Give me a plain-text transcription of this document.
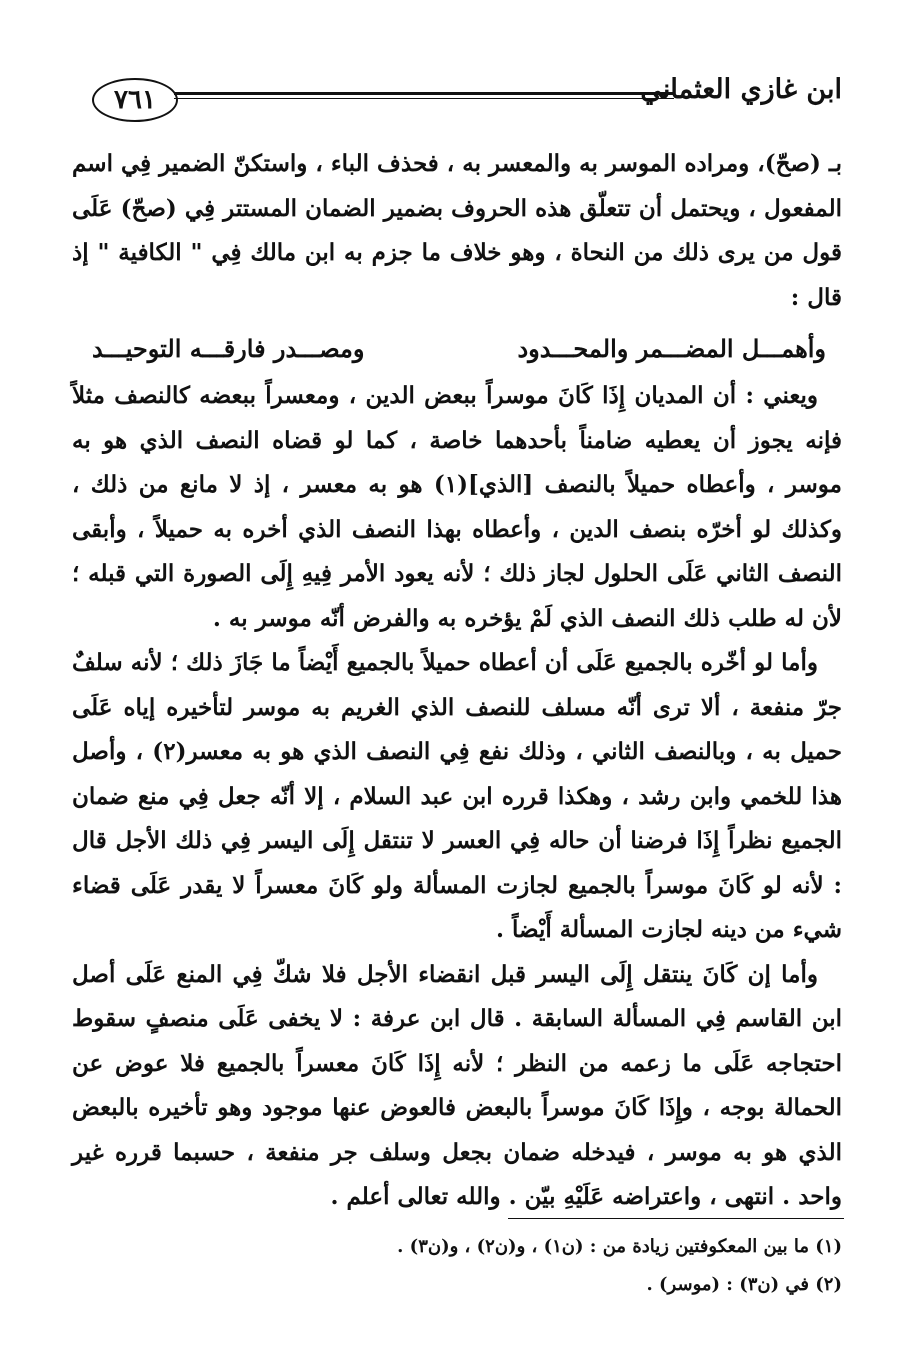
٧٦١	ابن غازي العثماني

بـ (صحّ)، ومراده الموسر به والمعسر به ، فحذف الباء ، واستكنّ الضمير فِي اسم المفعول ، ويحتمل أن تتعلّق هذه الحروف بضمير الضمان المستتر فِي (صحّ) عَلَى قول من يرى ذلك من النحاة ، وهو خلاف ما جزم به ابن مالك فِي " الكافية " إذ قال :

وأهمـــل المضـــمر والمحـــدود
ومصـــدر فارقـــه التوحيـــد

ويعني : أن المديان إِذَا كَانَ موسراً ببعض الدين ، ومعسراً ببعضه كالنصف مثلاً فإنه يجوز أن يعطيه ضامناً بأحدهما خاصة ، كما لو قضاه النصف الذي هو به موسر ، وأعطاه حميلاً بالنصف [الذي](١) هو به معسر ، إذ لا مانع من ذلك ، وكذلك لو أخرّه بنصف الدين ، وأعطاه بهذا النصف الذي أخره به حميلاً ، وأبقى النصف الثاني عَلَى الحلول لجاز ذلك ؛ لأنه يعود الأمر فِيهِ إِلَى الصورة التي قبله ؛ لأن له طلب ذلك النصف الذي لَمْ يؤخره به والفرض أنّه موسر به .

وأما لو أخّره بالجميع عَلَى أن أعطاه حميلاً بالجميع أَيْضاً ما جَازَ ذلك ؛ لأنه سلفٌ جرّ منفعة ، ألا ترى أنّه مسلف للنصف الذي الغريم به موسر لتأخيره إياه عَلَى حميل به ، وبالنصف الثاني ، وذلك نفع فِي النصف الذي هو به معسر(٢) ، وأصل هذا للخمي وابن رشد ، وهكذا قرره ابن عبد السلام ، إلا أنّه جعل فِي منع ضمان الجميع نظراً إِذَا فرضنا أن حاله فِي العسر لا تنتقل إِلَى اليسر فِي ذلك الأجل قال : لأنه لو كَانَ موسراً بالجميع لجازت المسألة ولو كَانَ معسراً لا يقدر عَلَى قضاء شيء من دينه لجازت المسألة أَيْضاً .

وأما إن كَانَ ينتقل إِلَى اليسر قبل انقضاء الأجل فلا شكّ فِي المنع عَلَى أصل ابن القاسم فِي المسألة السابقة . قال ابن عرفة : لا يخفى عَلَى منصفٍ سقوط احتجاجه عَلَى ما زعمه من النظر ؛ لأنه إِذَا كَانَ معسراً بالجميع فلا عوض عن الحمالة بوجه ، وإِذَا كَانَ موسراً بالبعض فالعوض عنها موجود وهو تأخيره بالبعض الذي هو به موسر ، فيدخله ضمان بجعل وسلف جر منفعة ، حسبما قرره غير واحد . انتهى ، واعتراضه عَلَيْهِ بيّن . والله تعالى أعلم .

(١) ما بين المعكوفتين زيادة من : (ن١) ، و(ن٢) ، و(ن٣) .

(٢) في (ن٣) : (موسر) .
